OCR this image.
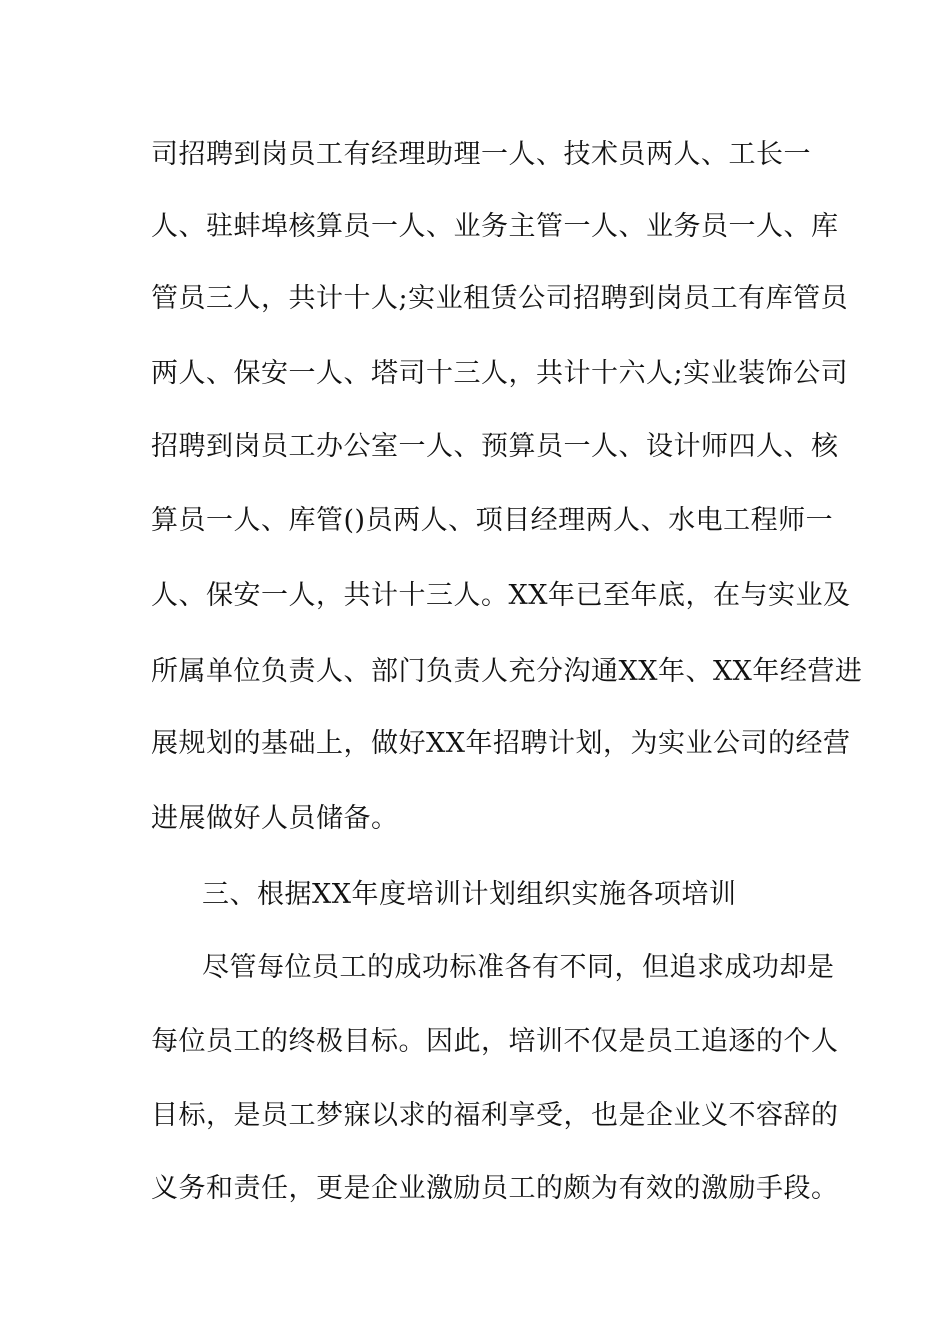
司招聘到岗员工有经理助理一人、技术员两人、工长一
人、驻蚌埠核算员一人、业务主管一人、业务员一人、库
管员三人，共计十人;实业租赁公司招聘到岗员工有库管员
两人、保安一人、塔司十三人，共计十六人;实业装饰公司
招聘到岗员工办公室一人、预算员一人、设计师四人、核
算员一人、库管()员两人、项目经理两人、水电工程师一
人、保安一人，共计十三人。XX年已至年底，在与实业及
所属单位负责人、部门负责人充分沟通XX年、XX年经营进
展规划的基础上，做好XX年招聘计划，为实业公司的经营
进展做好人员储备。
三、根据XX年度培训计划组织实施各项培训
尽管每位员工的成功标准各有不同，但追求成功却是
每位员工的终极目标。因此，培训不仅是员工追逐的个人
目标，是员工梦寐以求的福利享受，也是企业义不容辞的
义务和责任，更是企业激励员工的颇为有效的激励手段。
